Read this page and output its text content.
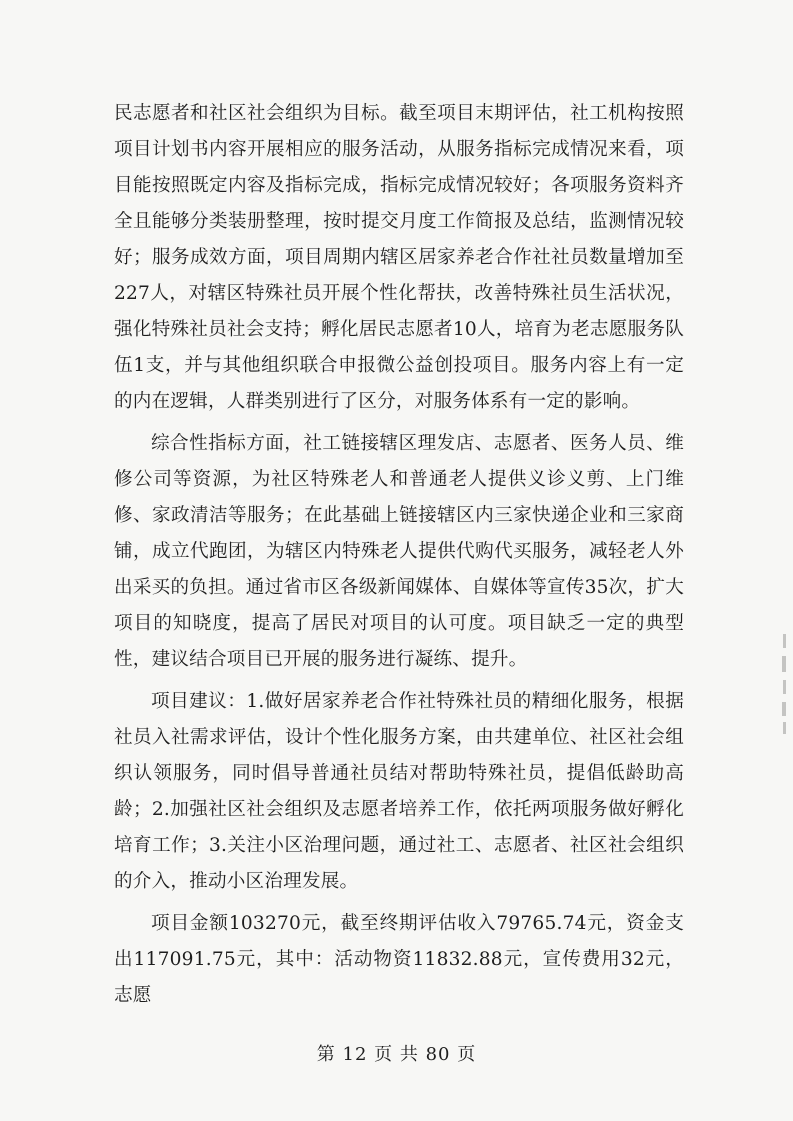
民志愿者和社区社会组织为目标。截至项目末期评估，社工机构按照项目计划书内容开展相应的服务活动，从服务指标完成情况来看，项目能按照既定内容及指标完成，指标完成情况较好；各项服务资料齐全且能够分类装册整理，按时提交月度工作简报及总结，监测情况较好；服务成效方面，项目周期内辖区居家养老合作社社员数量增加至227人，对辖区特殊社员开展个性化帮扶，改善特殊社员生活状况，强化特殊社员社会支持；孵化居民志愿者10人，培育为老志愿服务队伍1支，并与其他组织联合申报微公益创投项目。服务内容上有一定的内在逻辑，人群类别进行了区分，对服务体系有一定的影响。

综合性指标方面，社工链接辖区理发店、志愿者、医务人员、维修公司等资源，为社区特殊老人和普通老人提供义诊义剪、上门维修、家政清洁等服务；在此基础上链接辖区内三家快递企业和三家商铺，成立代跑团，为辖区内特殊老人提供代购代买服务，减轻老人外出采买的负担。通过省市区各级新闻媒体、自媒体等宣传35次，扩大项目的知晓度，提高了居民对项目的认可度。项目缺乏一定的典型性，建议结合项目已开展的服务进行凝练、提升。

项目建议：1.做好居家养老合作社特殊社员的精细化服务，根据社员入社需求评估，设计个性化服务方案，由共建单位、社区社会组织认领服务，同时倡导普通社员结对帮助特殊社员，提倡低龄助高龄；2.加强社区社会组织及志愿者培养工作，依托两项服务做好孵化培育工作；3.关注小区治理问题，通过社工、志愿者、社区社会组织的介入，推动小区治理发展。

项目金额103270元，截至终期评估收入79765.74元，资金支出117091.75元，其中：活动物资11832.88元，宣传费用32元，志愿

第 12 页 共 80 页
